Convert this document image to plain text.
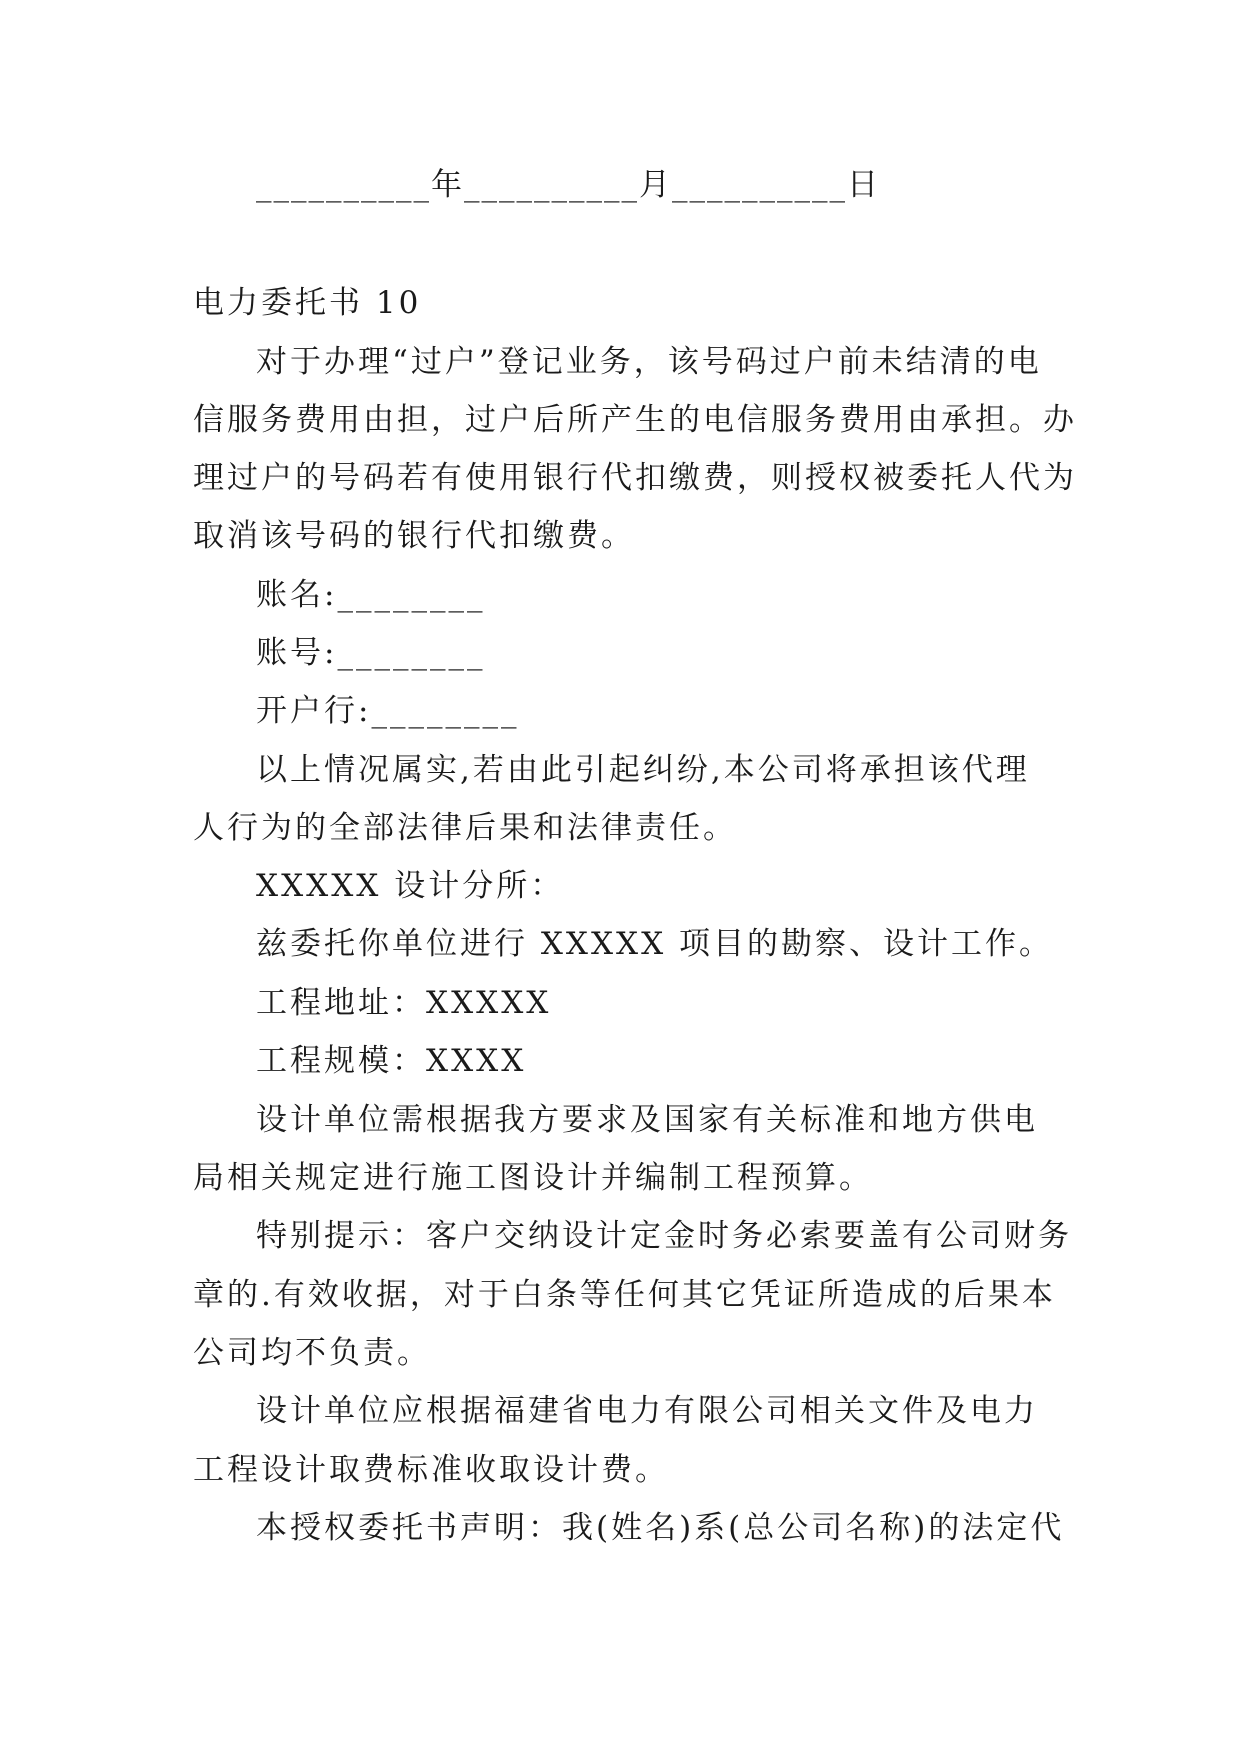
__________年__________月__________日
电力委托书 10
对于办理“过户”登记业务，该号码过户前未结清的电
信服务费用由担，过户后所产生的电信服务费用由承担。办
理过户的号码若有使用银行代扣缴费，则授权被委托人代为
取消该号码的银行代扣缴费。
账名:________
账号:________
开户行:________
以上情况属实,若由此引起纠纷,本公司将承担该代理
人行为的全部法律后果和法律责任。
XXXXX 设计分所：
兹委托你单位进行 XXXXX 项目的勘察、设计工作。
工程地址：XXXXX
工程规模：XXXX
设计单位需根据我方要求及国家有关标准和地方供电
局相关规定进行施工图设计并编制工程预算。
特别提示：客户交纳设计定金时务必索要盖有公司财务
章的.有效收据，对于白条等任何其它凭证所造成的后果本
公司均不负责。
设计单位应根据福建省电力有限公司相关文件及电力
工程设计取费标准收取设计费。
本授权委托书声明：我(姓名)系(总公司名称)的法定代
